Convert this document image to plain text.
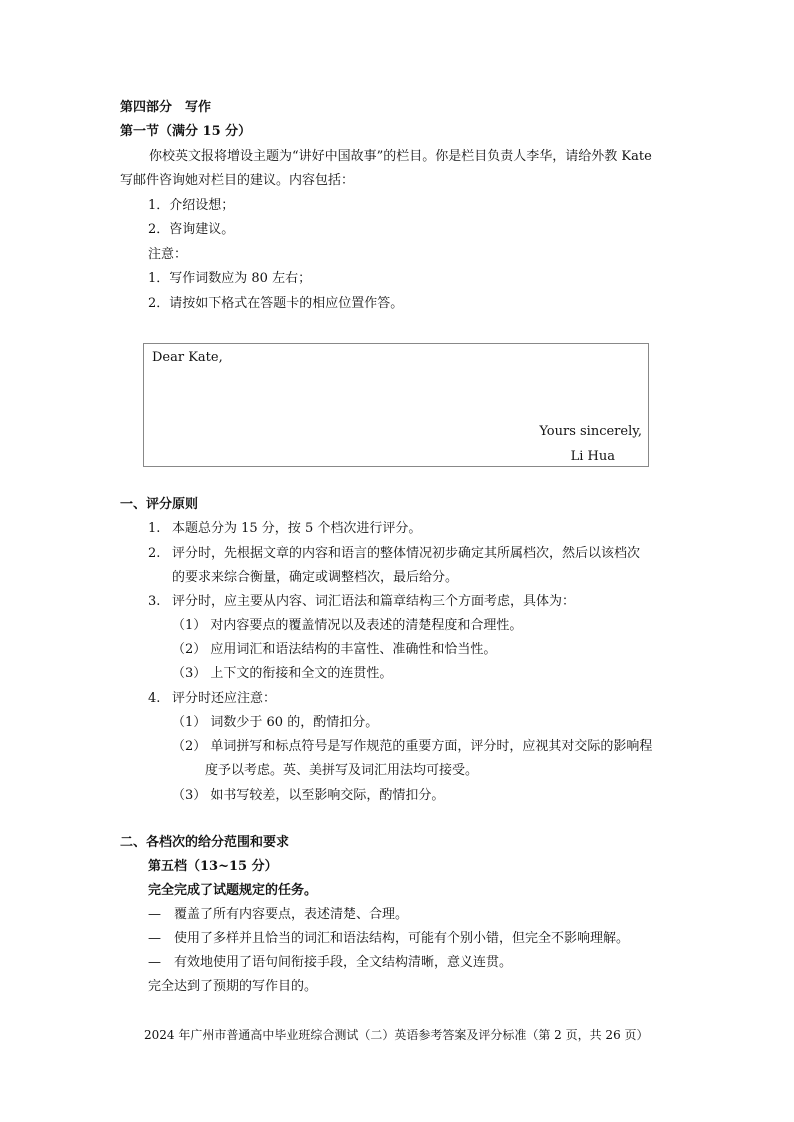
第四部分　写作
第一节（满分 15 分）
你校英文报将增设主题为“讲好中国故事”的栏目。你是栏目负责人李华，请给外教 Kate
写邮件咨询她对栏目的建议。内容包括：
1．介绍设想；
2．咨询建议。
注意：
1．写作词数应为 80 左右；
2．请按如下格式在答题卡的相应位置作答。
Dear Kate,
Yours sincerely,
Li Hua
一、评分原则
1. 本题总分为 15 分，按 5 个档次进行评分。
2. 评分时，先根据文章的内容和语言的整体情况初步确定其所属档次，然后以该档次
的要求来综合衡量，确定或调整档次，最后给分。
3. 评分时，应主要从内容、词汇语法和篇章结构三个方面考虑，具体为：
（1） 对内容要点的覆盖情况以及表述的清楚程度和合理性。
（2） 应用词汇和语法结构的丰富性、准确性和恰当性。
（3） 上下文的衔接和全文的连贯性。
4. 评分时还应注意：
（1） 词数少于 60 的，酌情扣分。
（2） 单词拼写和标点符号是写作规范的重要方面，评分时，应视其对交际的影响程
度予以考虑。英、美拼写及词汇用法均可接受。
（3） 如书写较差，以至影响交际，酌情扣分。
二、各档次的给分范围和要求
第五档（13~15 分）
完全完成了试题规定的任务。
—　覆盖了所有内容要点，表述清楚、合理。
—　使用了多样并且恰当的词汇和语法结构，可能有个别小错，但完全不影响理解。
—　有效地使用了语句间衔接手段，全文结构清晰，意义连贯。
完全达到了预期的写作目的。
2024 年广州市普通高中毕业班综合测试（二）英语参考答案及评分标准（第 2 页，共 26 页）
